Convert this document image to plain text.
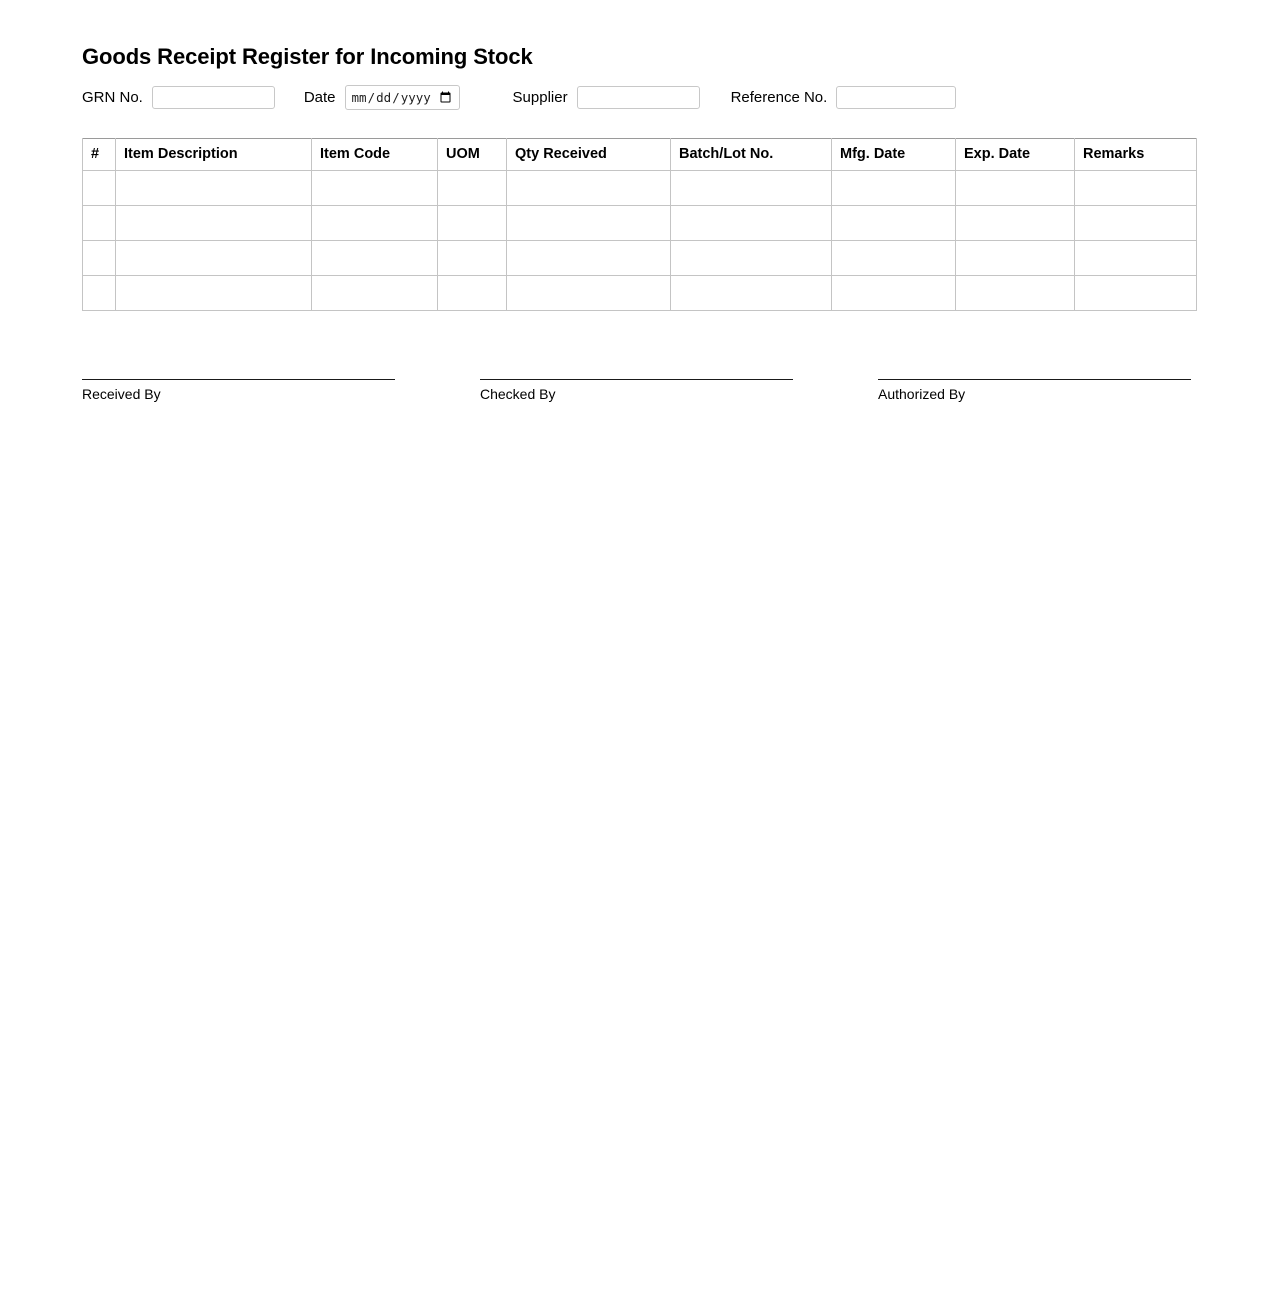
Goods Receipt Register for Incoming Stock
GRN No.	Date
mm/dd/yyyy	Supplier	Reference No.
#	Item Description	Item Code	UOM	Qty Received	Batch/Lot No.	Mfg. Date	Exp. Date	Remarks

Received By	Checked By	Authorized By
